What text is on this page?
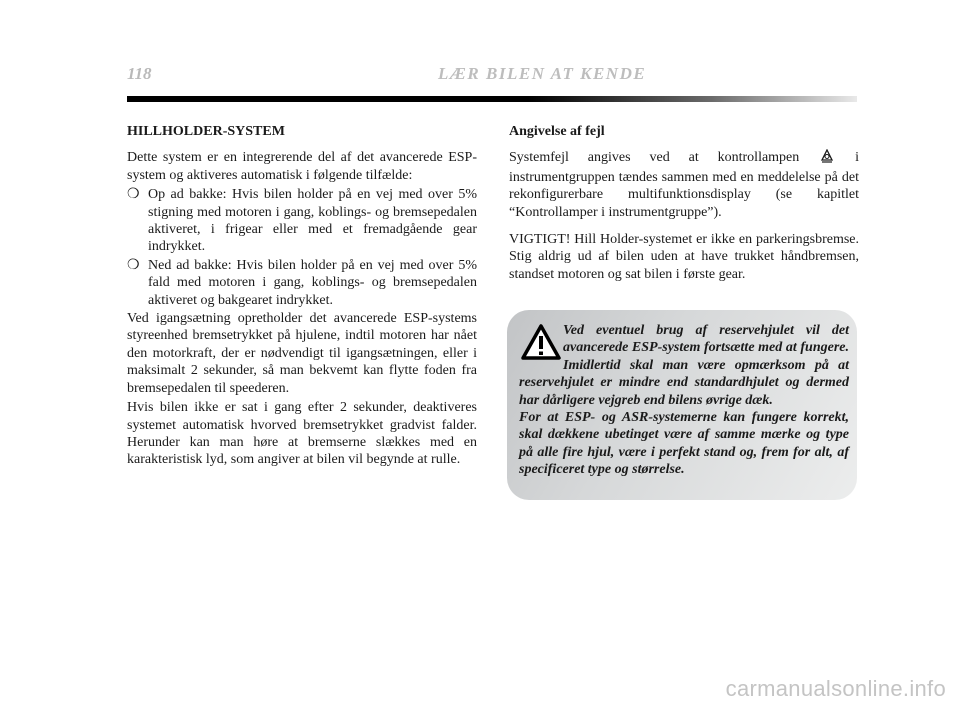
118	LÆR BILEN AT KENDE
HILLHOLDER-SYSTEM
Dette system er en integrerende del af det avancerede ESP-system og aktiveres automatisk i følgende tilfælde:
❍ Op ad bakke: Hvis bilen holder på en vej med over 5% stigning med motoren i gang, koblings- og bremsepedalen aktiveret, i frigear eller med et fremadgående gear indrykket.
❍ Ned ad bakke: Hvis bilen holder på en vej med over 5% fald med motoren i gang, koblings- og bremsepedalen aktiveret og bakgearet indrykket.
Ved igangsætning opretholder det avancerede ESP-systems styreenhed bremsetrykket på hjulene, indtil motoren har nået den motorkraft, der er nødvendigt til igangsætningen, eller i maksimalt 2 sekunder, så man bekvemt kan flytte foden fra bremsepedalen til speederen.
Hvis bilen ikke er sat i gang efter 2 sekunder, deaktiveres systemet automatisk hvorved bremsetrykket gradvist falder. Herunder kan man høre at bremserne slækkes med en karakteristisk lyd, som angiver at bilen vil begynde at rulle.
Angivelse af fejl
Systemfejl angives ved at kontrollampen	i instrumentgruppen tændes sammen med en meddelelse på det rekonfigurerbare multifunktionsdisplay (se kapitlet “Kontrollamper i instrumentgruppe”).
VIGTIGT! Hill Holder-systemet er ikke en parkeringsbremse. Stig aldrig ud af bilen uden at have trukket håndbremsen, standset motoren og sat bilen i første gear.
Ved eventuel brug af reservehjulet vil det avancerede ESP-system fortsætte med at fungere. Imidlertid skal man være opmærksom på at reservehjulet er mindre end standardhjulet og dermed har dårligere vejgreb end bilens øvrige dæk.
For at ESP- og ASR-systemerne kan fungere korrekt, skal dækkene ubetinget være af samme mærke og type på alle fire hjul, være i perfekt stand og, frem for alt, af specificeret type og størrelse.
carmanualsonline.info
